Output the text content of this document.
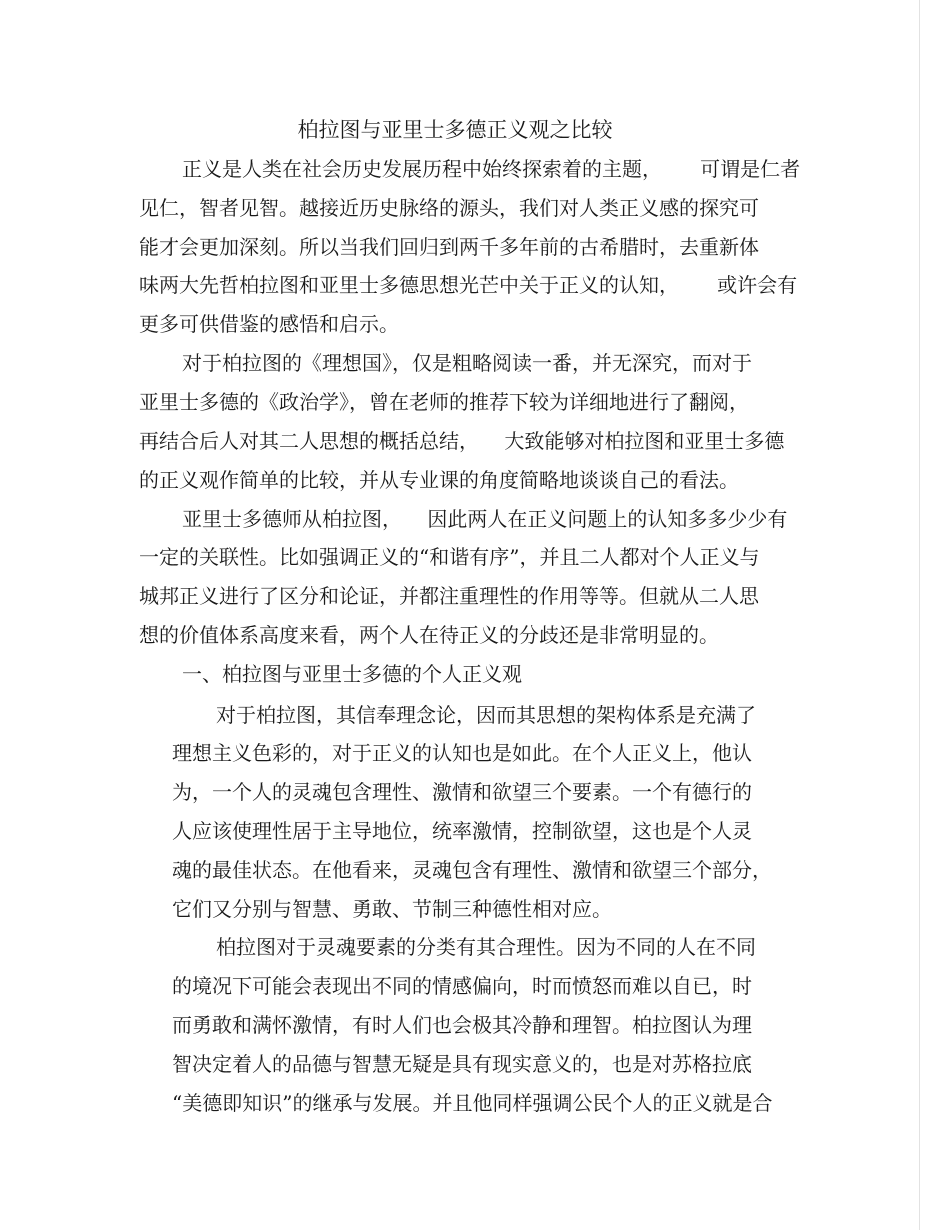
柏拉图与亚里士多德正义观之比较
正义是人类在社会历史发展历程中始终探索着的主题，      可谓是仁者
见仁，智者见智。越接近历史脉络的源头，我们对人类正义感的探究可
能才会更加深刻。所以当我们回归到两千多年前的古希腊时，去重新体
味两大先哲柏拉图和亚里士多德思想光芒中关于正义的认知，      或许会有
更多可供借鉴的感悟和启示。
对于柏拉图的《理想国》，仅是粗略阅读一番，并无深究，而对于
亚里士多德的《政治学》，曾在老师的推荐下较为详细地进行了翻阅，
再结合后人对其二人思想的概括总结，    大致能够对柏拉图和亚里士多德
的正义观作简单的比较，并从专业课的角度简略地谈谈自己的看法。
亚里士多德师从柏拉图，    因此两人在正义问题上的认知多多少少有
一定的关联性。比如强调正义的“和谐有序”，并且二人都对个人正义与
城邦正义进行了区分和论证，并都注重理性的作用等等。但就从二人思
想的价值体系高度来看，两个人在待正义的分歧还是非常明显的。
一、柏拉图与亚里士多德的个人正义观
对于柏拉图，其信奉理念论，因而其思想的架构体系是充满了
理想主义色彩的，对于正义的认知也是如此。在个人正义上，他认
为，一个人的灵魂包含理性、激情和欲望三个要素。一个有德行的
人应该使理性居于主导地位，统率激情，控制欲望，这也是个人灵
魂的最佳状态。在他看来，灵魂包含有理性、激情和欲望三个部分，
它们又分别与智慧、勇敢、节制三种德性相对应。
柏拉图对于灵魂要素的分类有其合理性。因为不同的人在不同
的境况下可能会表现出不同的情感偏向，时而愤怒而难以自已，时
而勇敢和满怀激情，有时人们也会极其冷静和理智。柏拉图认为理
智决定着人的品德与智慧无疑是具有现实意义的，也是对苏格拉底
“美德即知识”的继承与发展。并且他同样强调公民个人的正义就是合
